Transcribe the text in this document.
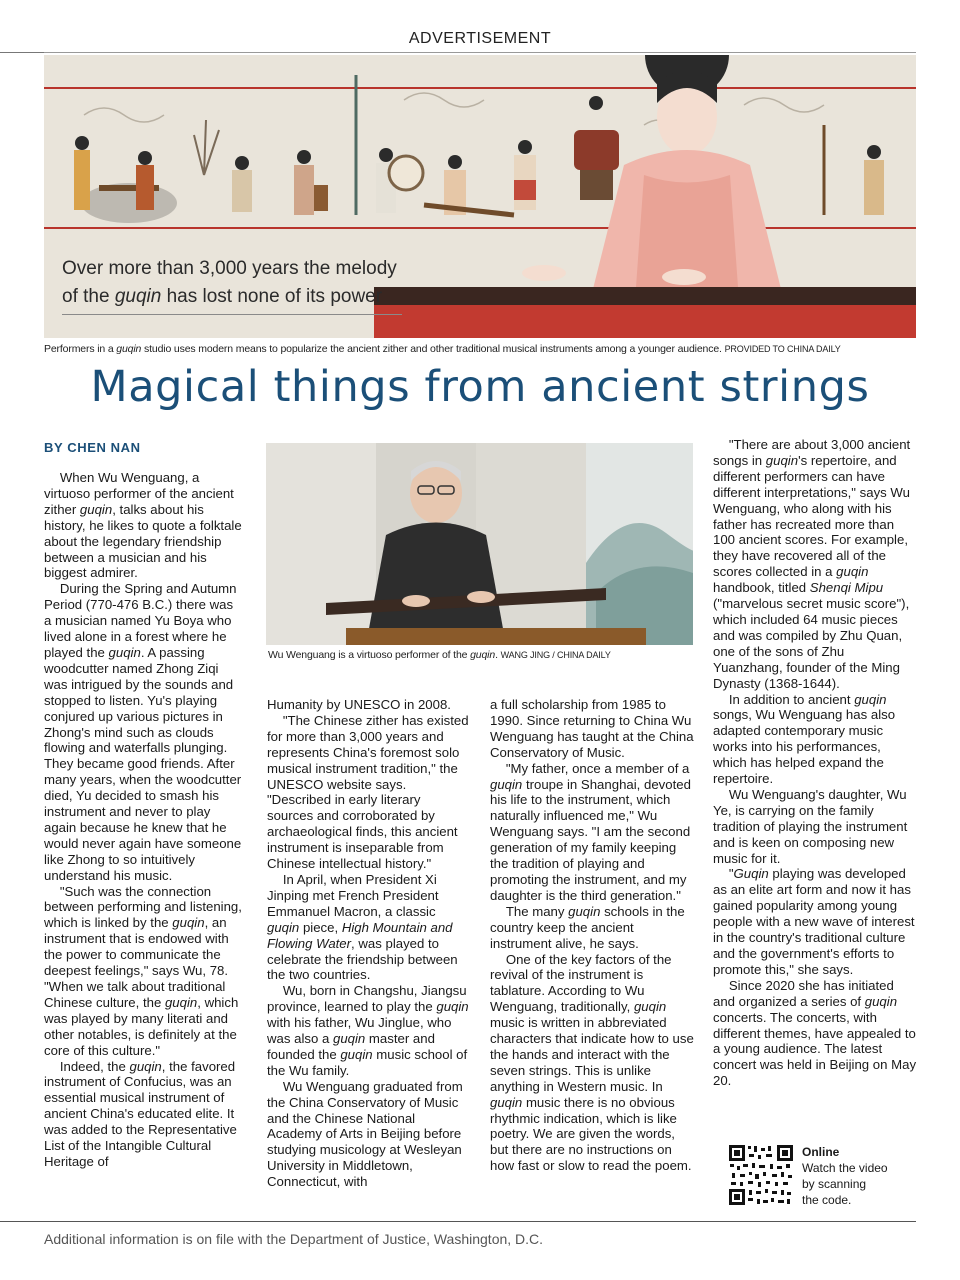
ADVERTISEMENT
Over more than 3,000 years the melody
of the guqin has lost none of its power
Performers in a guqin studio uses modern means to popularize the ancient zither and other traditional musical instruments among a younger audience. PROVIDED TO CHINA DAILY
Magical things from ancient strings
BY CHEN NAN

When Wu Wenguang, a virtuoso performer of the ancient zither guqin, talks about his history, he likes to quote a folktale about the legendary friendship between a musician and his biggest admirer.

During the Spring and Autumn Period (770-476 B.C.) there was a musician named Yu Boya who lived alone in a forest where he played the guqin. A passing woodcutter named Zhong Ziqi was intrigued by the sounds and stopped to listen. Yu's playing conjured up various pictures in Zhong's mind such as clouds flowing and waterfalls plunging. They became good friends. After many years, when the woodcutter died, Yu decided to smash his instrument and never to play again because he knew that he would never again have someone like Zhong to so intuitively understand his music.

"Such was the connection between performing and listening, which is linked by the guqin, an instrument that is endowed with the power to communicate the deepest feelings," says Wu, 78. "When we talk about traditional Chinese culture, the guqin, which was played by many literati and other notables, is definitely at the core of this culture."

Indeed, the guqin, the favored instrument of Confucius, was an essential musical instrument of ancient China's educated elite. It was added to the Representative List of the Intangible Cultural Heritage of

Wu Wenguang is a virtuoso performer of the guqin. WANG JING / CHINA DAILY

Humanity by UNESCO in 2008.

"The Chinese zither has existed for more than 3,000 years and represents China's foremost solo musical instrument tradition," the UNESCO website says. "Described in early literary sources and corroborated by archaeological finds, this ancient instrument is inseparable from Chinese intellectual history."

In April, when President Xi Jinping met French President Emmanuel Macron, a classic guqin piece, High Mountain and Flowing Water, was played to celebrate the friendship between the two countries.

Wu, born in Changshu, Jiangsu province, learned to play the guqin with his father, Wu Jinglue, who was also a guqin master and founded the guqin music school of the Wu family.

Wu Wenguang graduated from the China Conservatory of Music and the Chinese National Academy of Arts in Beijing before studying musicology at Wesleyan University in Middletown, Connecticut, with

a full scholarship from 1985 to 1990. Since returning to China Wu Wenguang has taught at the China Conservatory of Music.

"My father, once a member of a guqin troupe in Shanghai, devoted his life to the instrument, which naturally influenced me," Wu Wenguang says. "I am the second generation of my family keeping the tradition of playing and promoting the instrument, and my daughter is the third generation."

The many guqin schools in the country keep the ancient instrument alive, he says.

One of the key factors of the revival of the instrument is tablature. According to Wu Wenguang, traditionally, guqin music is written in abbreviated characters that indicate how to use the hands and interact with the seven strings. This is unlike anything in Western music. In guqin music there is no obvious rhythmic indication, which is like poetry. We are given the words, but there are no instructions on how fast or slow to read the poem.

"There are about 3,000 ancient songs in guqin's repertoire, and different performers can have different interpretations," says Wu Wenguang, who along with his father has recreated more than 100 ancient scores. For example, they have recovered all of the scores collected in a guqin handbook, titled Shenqi Mipu ("marvelous secret music score"), which included 64 music pieces and was compiled by Zhu Quan, one of the sons of Zhu Yuanzhang, founder of the Ming Dynasty (1368-1644).

In addition to ancient guqin songs, Wu Wenguang has also adapted contemporary music works into his performances, which has helped expand the repertoire.

Wu Wenguang's daughter, Wu Ye, is carrying on the family tradition of playing the instrument and is keen on composing new music for it.

"Guqin playing was developed as an elite art form and now it has gained popularity among young people with a new wave of interest in the country's traditional culture and the government's efforts to promote this," she says.

Since 2020 she has initiated and organized a series of guqin concerts. The concerts, with different themes, have appealed to a young audience. The latest concert was held in Beijing on May 20.

Online
Watch the video
by scanning
the code.
Additional information is on file with the Department of Justice, Washington, D.C.
